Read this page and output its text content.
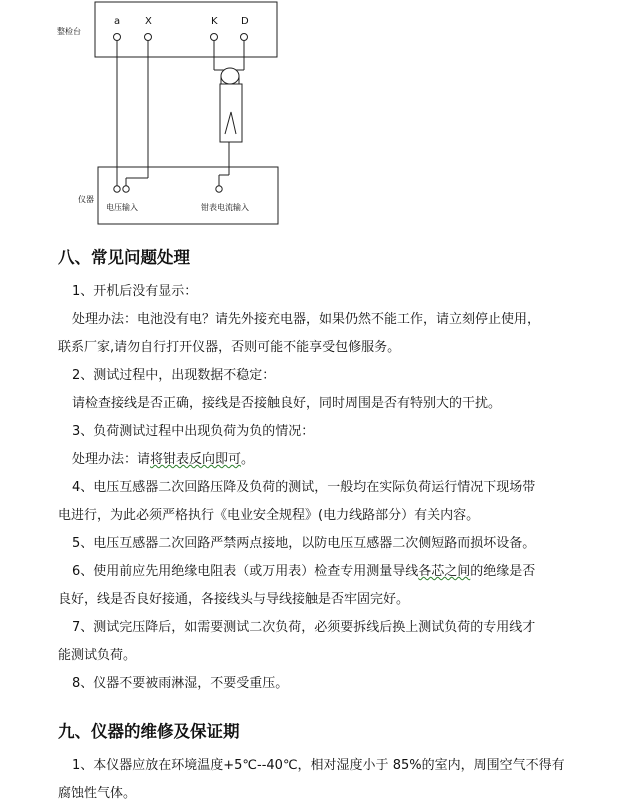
整检台
a X	K D
仪器
电压输入	钳表电流输入
八、常见问题处理

1、开机后没有显示：

处理办法：电池没有电？请先外接充电器，如果仍然不能工作，请立刻停止使用，

联系厂家,请勿自行打开仪器，否则可能不能享受包修服务。

2、测试过程中，出现数据不稳定：

请检查接线是否正确，接线是否接触良好，同时周围是否有特别大的干扰。

3、负荷测试过程中出现负荷为负的情况：

处理办法：请将钳表反向即可。

4、电压互感器二次回路压降及负荷的测试，一般均在实际负荷运行情况下现场带

电进行，为此必须严格执行《电业安全规程》(电力线路部分）有关内容。

5、电压互感器二次回路严禁两点接地，以防电压互感器二次侧短路而损坏设备。

6、使用前应先用绝缘电阻表（或万用表）检查专用测量导线各芯之间的绝缘是否

良好，线是否良好接通，各接线头与导线接触是否牢固完好。

7、测试完压降后，如需要测试二次负荷，必须要拆线后换上测试负荷的专用线才

能测试负荷。

8、仪器不要被雨淋湿，不要受重压。

九、仪器的维修及保证期

1、本仪器应放在环境温度+5℃--40℃，相对湿度小于 85%的室内，周围空气不得有

腐蚀性气体。
